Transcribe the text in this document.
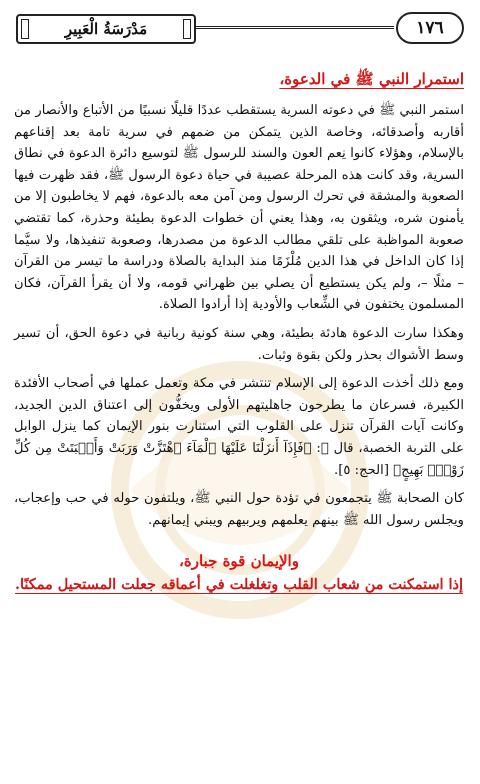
مَدْرَسَةُ الْعَبِيرِ	١٧٦
استمرار النبي ﷺ في الدعوة،

استمر النبي ﷺ في دعوته السرية يستقطب عددًا قليلًا نسبيًا من الأتباع والأنصار من أقاربه وأصدقائه، وخاصة الذين يتمكن من ضمهم في سرية تامة بعد إقناعهم بالإسلام، وهؤلاء كانوا نِعم العون والسند للرسول ﷺ لتوسيع دائرة الدعوة في نطاق السرية، وقد كانت هذه المرحلة عصيبة في حياة دعوة الرسول ﷺ، فقد ظهرت فيها الصعوبة والمشقة في تحرك الرسول ومن آمن معه بالدعوة، فهم لا يخاطبون إلا من يأمنون شره، ويثقون به، وهذا يعني أن خطوات الدعوة بطيئة وحذرة، كما تقتضي صعوبة المواظبة على تلقي مطالب الدعوة من مصدرها، وصعوبة تنفيذها، ولا سيَّما إذا كان الداخل في هذا الدين مُلْزَمًا منذ البداية بالصلاة ودراسة ما تيسر من القرآن – مثلًا –، ولم يكن يستطيع أن يصلي بين ظهراني قومه، ولا أن يقرأ القرآن، فكان المسلمون يختفون في الشِّعاب والأودية إذا أرادوا الصلاة.

وهكذا سارت الدعوة هادئة بطيئة، وهي سنة كونية ربانية في دعوة الحق، أن تسير وسط الأشواك بحذر ولكن بقوة وثبات.

ومع ذلك أخذت الدعوة إلى الإسلام تنتشر في مكة وتعمل عملها في أصحاب الأفئدة الكبيرة، فسرعان ما يطرحون جاهليتهم الأولى ويخفُّون إلى اعتناق الدين الجديد، وكانت آيات القرآن تنزل على القلوب التي استنارت بنور الإيمان كما ينزل الوابل على التربة الخصبة، قال ﷻ: ﴿فَإِذَآ أَنزَلْنَا عَلَيْهَا ٱلْمَآءَ ٱهْتَزَّتْ وَرَبَتْ وَأَنۢبَتَتْ مِن كُلِّ زَوْجٍۭ بَهِيجٍ﴾ [الحج: ٥].

كان الصحابة ﷺ يتجمعون في تؤدة حول النبي ﷺ، ويلتفون حوله في حب وإعجاب، ويجلس رسول الله ﷺ بينهم يعلمهم ويربيهم ويبني إيمانهم.

والإيمان قوة جبارة،
إذا استمكنت من شعاب القلب وتغلغلت في أعماقه جعلت المستحيل ممكنًا.
